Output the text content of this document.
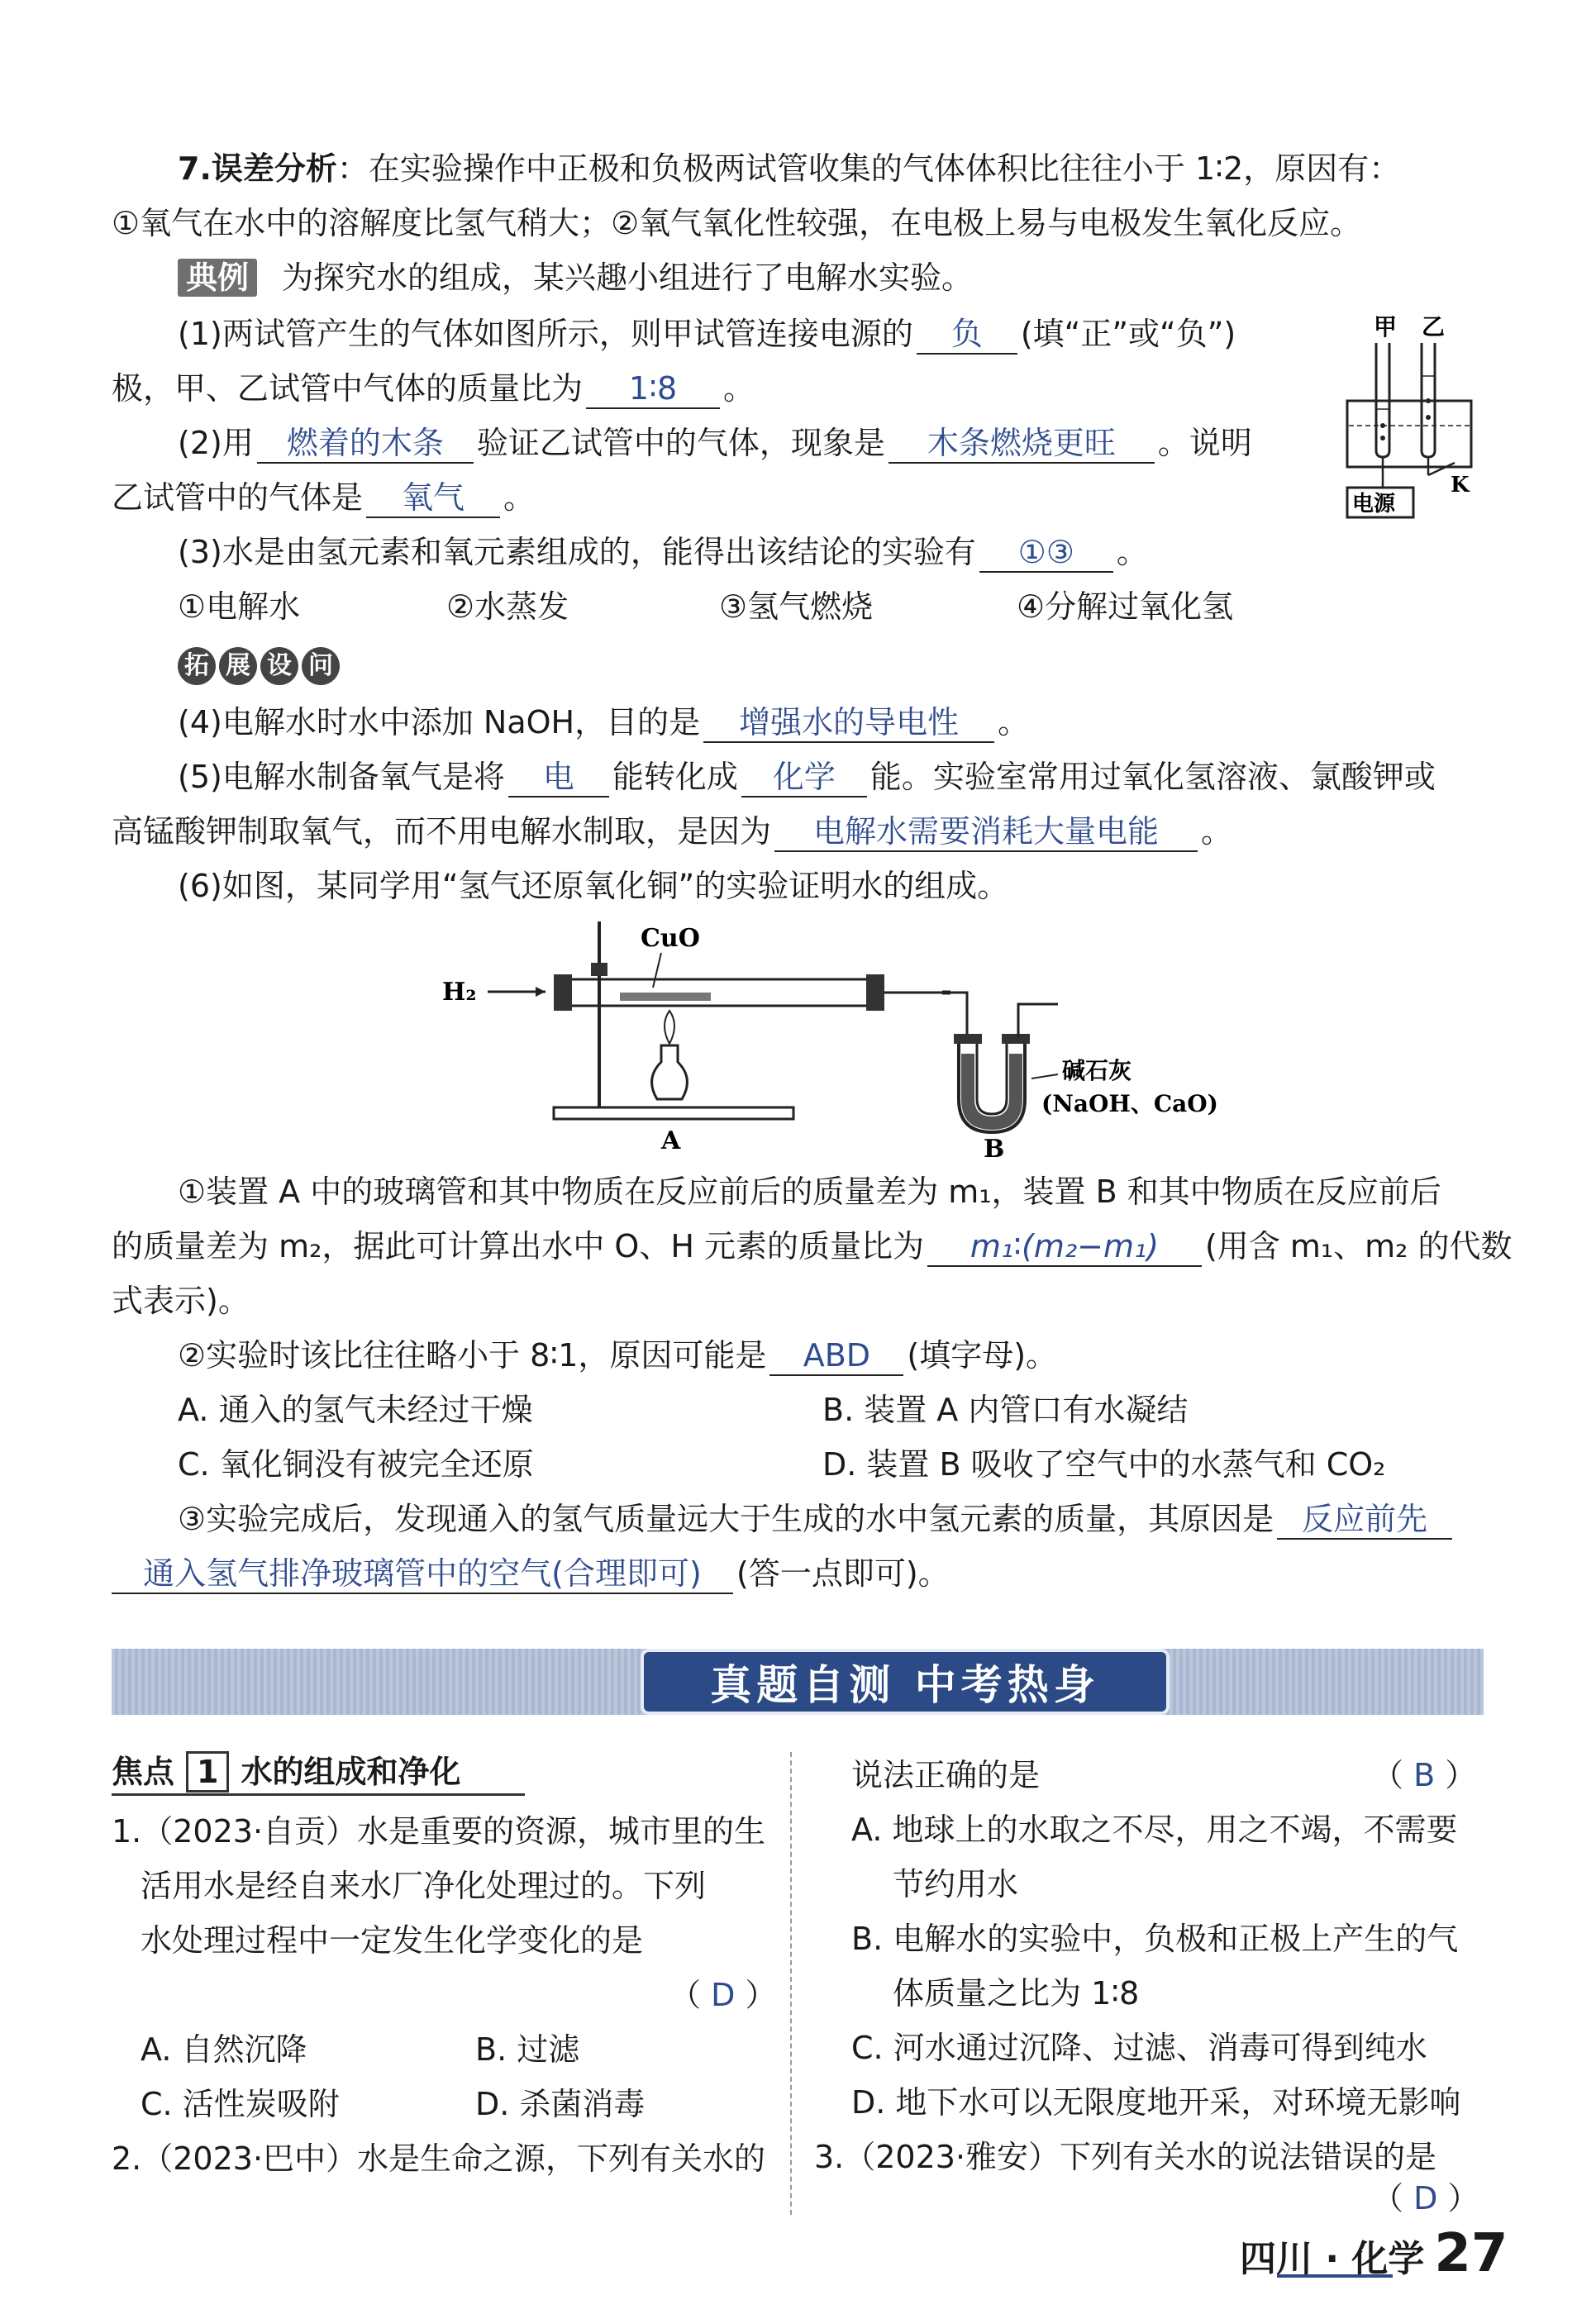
7.误差分析：在实验操作中正极和负极两试管收集的气体体积比往往小于 1∶2，原因有：
①氧气在水中的溶解度比氢气稍大；②氧气氧化性较强，在电极上易与电极发生氧化反应。
典例 为探究水的组成，某兴趣小组进行了电解水实验。
(1)两试管产生的气体如图所示，则甲试管连接电源的 负 (填“正”或“负”)
极，甲、乙试管中气体的质量比为 1∶8 。
(2)用 燃着的木条 验证乙试管中的气体，现象是 木条燃烧更旺 。说明
乙试管中的气体是 氧气 。
(3)水是由氢元素和氧元素组成的，能得出该结论的实验有 ①③ 。
①电解水	②水蒸发	③氢气燃烧	④分解过氧化氢
甲 乙
K
电源
拓 展 设 问
(4)电解水时水中添加 NaOH，目的是 增强水的导电性 。
(5)电解水制备氧气是将 电 能转化成 化学 能。实验室常用过氧化氢溶液、氯酸钾或
高锰酸钾制取氧气，而不用电解水制取，是因为 电解水需要消耗大量电能 。
(6)如图，某同学用“氢气还原氧化铜”的实验证明水的组成。
H₂
CuO
A
碱石灰
(NaOH、CaO)
B
①装置 A 中的玻璃管和其中物质在反应前后的质量差为 m₁，装置 B 和其中物质在反应前后
的质量差为 m₂，据此可计算出水中 O、H 元素的质量比为 m₁∶(m₂−m₁) (用含 m₁、m₂ 的代数
式表示)。
②实验时该比往往略小于 8∶1，原因可能是 ABD (填字母)。
A. 通入的氢气未经过干燥	B. 装置 A 内管口有水凝结
C. 氧化铜没有被完全还原	D. 装置 B 吸收了空气中的水蒸气和 CO₂
③实验完成后，发现通入的氢气质量远大于生成的水中氢元素的质量，其原因是 反应前先
通入氢气排净玻璃管中的空气(合理即可) (答一点即可)。
真题自测 中考热身
焦点 1 水的组成和净化
1.（2023·自贡）水是重要的资源，城市里的生
活用水是经自来水厂净化处理过的。下列
水处理过程中一定发生化学变化的是
（ D ）
A. 自然沉降	B. 过滤
C. 活性炭吸附	D. 杀菌消毒
2.（2023·巴中）水是生命之源，下列有关水的
说法正确的是	（ B ）
A. 地球上的水取之不尽，用之不竭，不需要
节约用水
B. 电解水的实验中，负极和正极上产生的气
体质量之比为 1∶8
C. 河水通过沉降、过滤、消毒可得到纯水
D. 地下水可以无限度地开采，对环境无影响
3.（2023·雅安）下列有关水的说法错误的是
（ D ）
四川 · 化学 27
